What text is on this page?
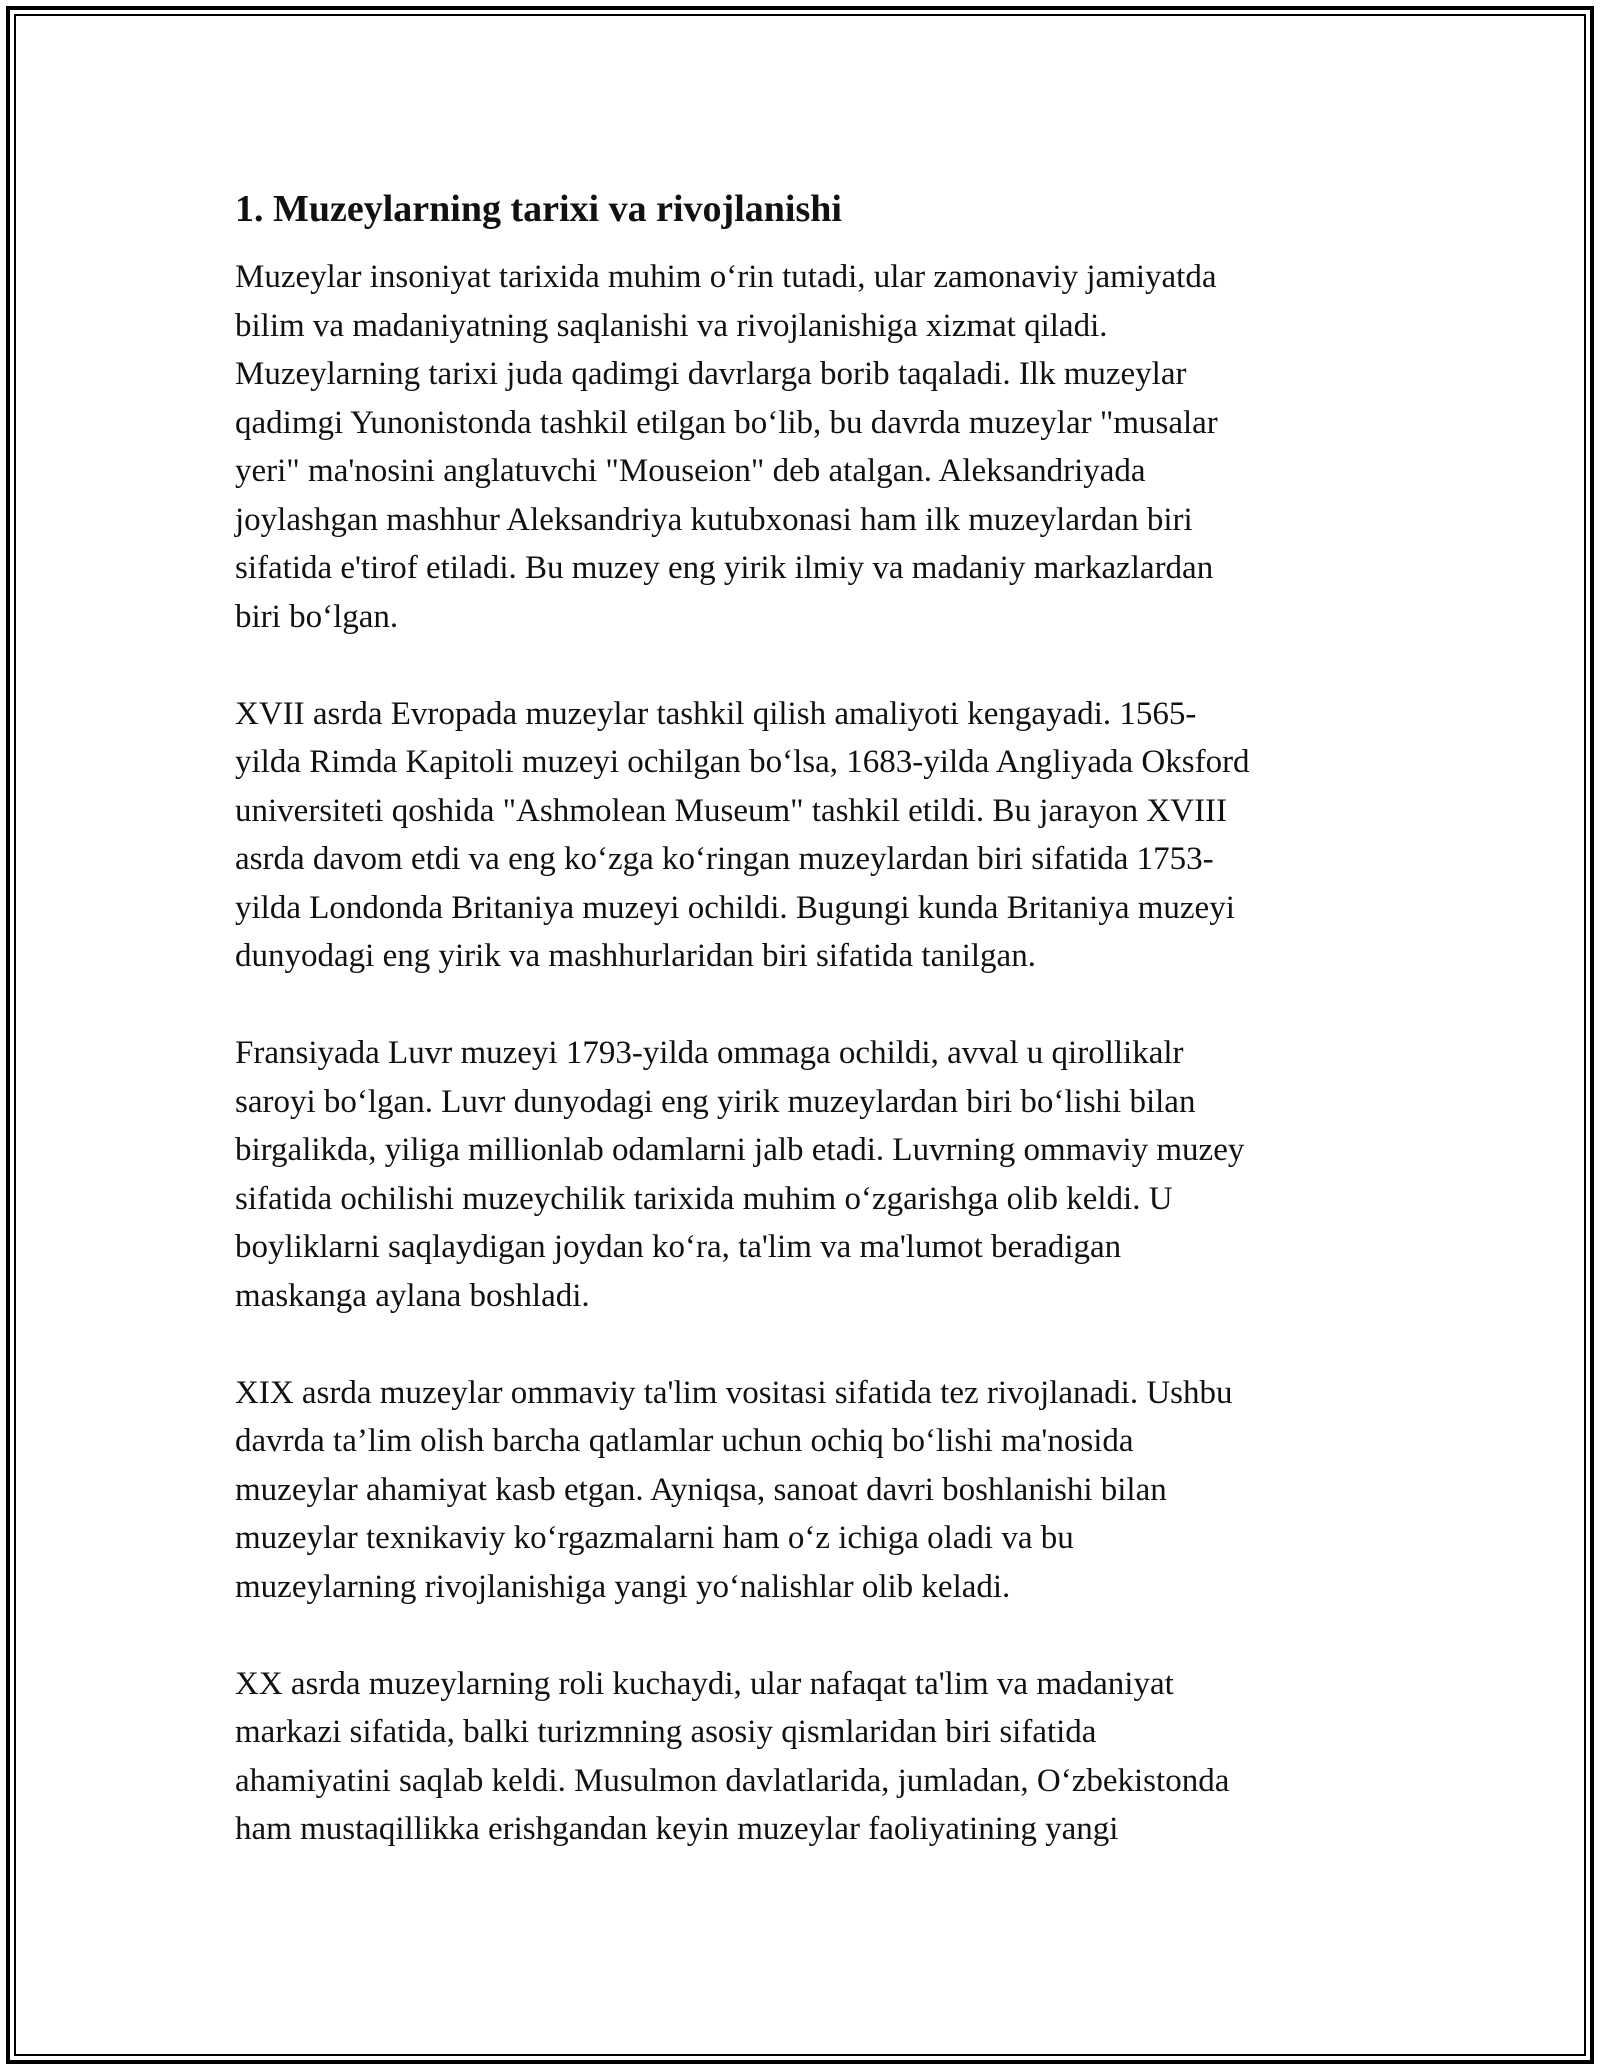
1. Muzeylarning tarixi va rivojlanishi

Muzeylar insoniyat tarixida muhim o‘rin tutadi, ular zamonaviy jamiyatda
bilim va madaniyatning saqlanishi va rivojlanishiga xizmat qiladi.
Muzeylarning tarixi juda qadimgi davrlarga borib taqaladi. Ilk muzeylar
qadimgi Yunonistonda tashkil etilgan bo‘lib, bu davrda muzeylar "musalar
yeri" ma'nosini anglatuvchi "Mouseion" deb atalgan. Aleksandriyada
joylashgan mashhur Aleksandriya kutubxonasi ham ilk muzeylardan biri
sifatida e'tirof etiladi. Bu muzey eng yirik ilmiy va madaniy markazlardan
biri bo‘lgan.

XVII asrda Evropada muzeylar tashkil qilish amaliyoti kengayadi. 1565-
yilda Rimda Kapitoli muzeyi ochilgan bo‘lsa, 1683-yilda Angliyada Oksford
universiteti qoshida "Ashmolean Museum" tashkil etildi. Bu jarayon XVIII
asrda davom etdi va eng ko‘zga ko‘ringan muzeylardan biri sifatida 1753-
yilda Londonda Britaniya muzeyi ochildi. Bugungi kunda Britaniya muzeyi
dunyodagi eng yirik va mashhurlaridan biri sifatida tanilgan.

Fransiyada Luvr muzeyi 1793-yilda ommaga ochildi, avval u qirollikalr
saroyi bo‘lgan. Luvr dunyodagi eng yirik muzeylardan biri bo‘lishi bilan
birgalikda, yiliga millionlab odamlarni jalb etadi. Luvrning ommaviy muzey
sifatida ochilishi muzeychilik tarixida muhim o‘zgarishga olib keldi. U
boyliklarni saqlaydigan joydan ko‘ra, ta'lim va ma'lumot beradigan
maskanga aylana boshladi.

XIX asrda muzeylar ommaviy ta'lim vositasi sifatida tez rivojlanadi. Ushbu
davrda ta’lim olish barcha qatlamlar uchun ochiq bo‘lishi ma'nosida
muzeylar ahamiyat kasb etgan. Ayniqsa, sanoat davri boshlanishi bilan
muzeylar texnikaviy ko‘rgazmalarni ham o‘z ichiga oladi va bu
muzeylarning rivojlanishiga yangi yo‘nalishlar olib keladi.

XX asrda muzeylarning roli kuchaydi, ular nafaqat ta'lim va madaniyat
markazi sifatida, balki turizmning asosiy qismlaridan biri sifatida
ahamiyatini saqlab keldi. Musulmon davlatlarida, jumladan, O‘zbekistonda
ham mustaqillikka erishgandan keyin muzeylar faoliyatining yangi
